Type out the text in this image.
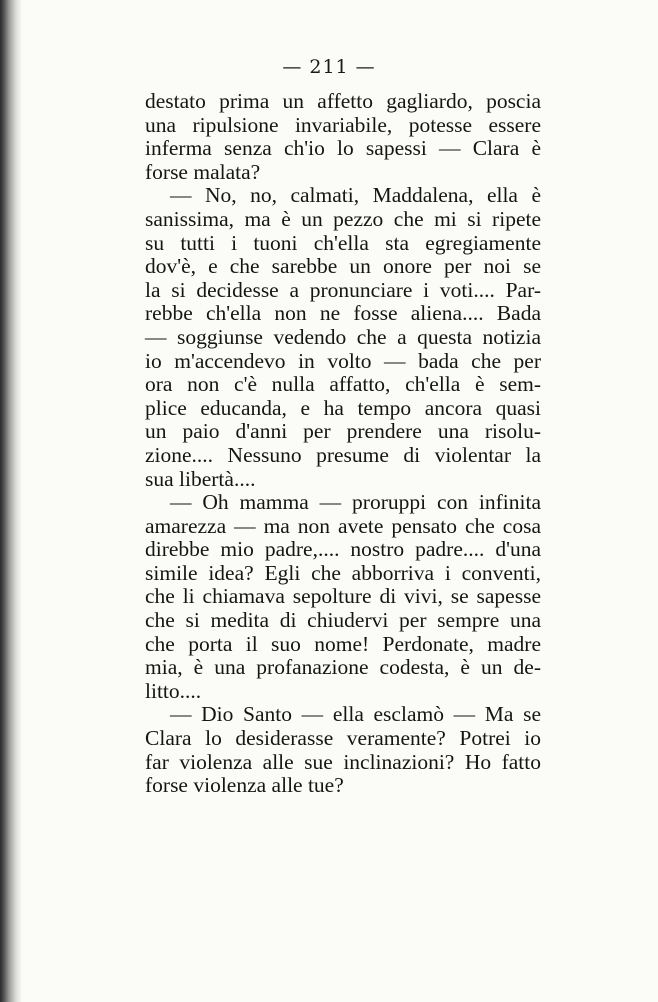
— 211 —
destato prima un affetto gagliardo, poscia
una ripulsione invariabile, potesse essere
inferma senza ch'io lo sapessi — Clara è
forse malata?
— No, no, calmati, Maddalena, ella è
sanissima, ma è un pezzo che mi si ripete
su tutti i tuoni ch'ella sta egregiamente
dov'è, e che sarebbe un onore per noi se
la si decidesse a pronunciare i voti.... Par-
rebbe ch'ella non ne fosse aliena.... Bada
— soggiunse vedendo che a questa notizia
io m'accendevo in volto — bada che per
ora non c'è nulla affatto, ch'ella è sem-
plice educanda, e ha tempo ancora quasi
un paio d'anni per prendere una risolu-
zione.... Nessuno presume di violentar la
sua libertà....
— Oh mamma — proruppi con infinita
amarezza — ma non avete pensato che cosa
direbbe mio padre,.... nostro padre.... d'una
simile idea? Egli che abborriva i conventi,
che li chiamava sepolture di vivi, se sapesse
che si medita di chiudervi per sempre una
che porta il suo nome! Perdonate, madre
mia, è una profanazione codesta, è un de-
litto....
— Dio Santo — ella esclamò — Ma se
Clara lo desiderasse veramente? Potrei io
far violenza alle sue inclinazioni? Ho fatto
forse violenza alle tue?
